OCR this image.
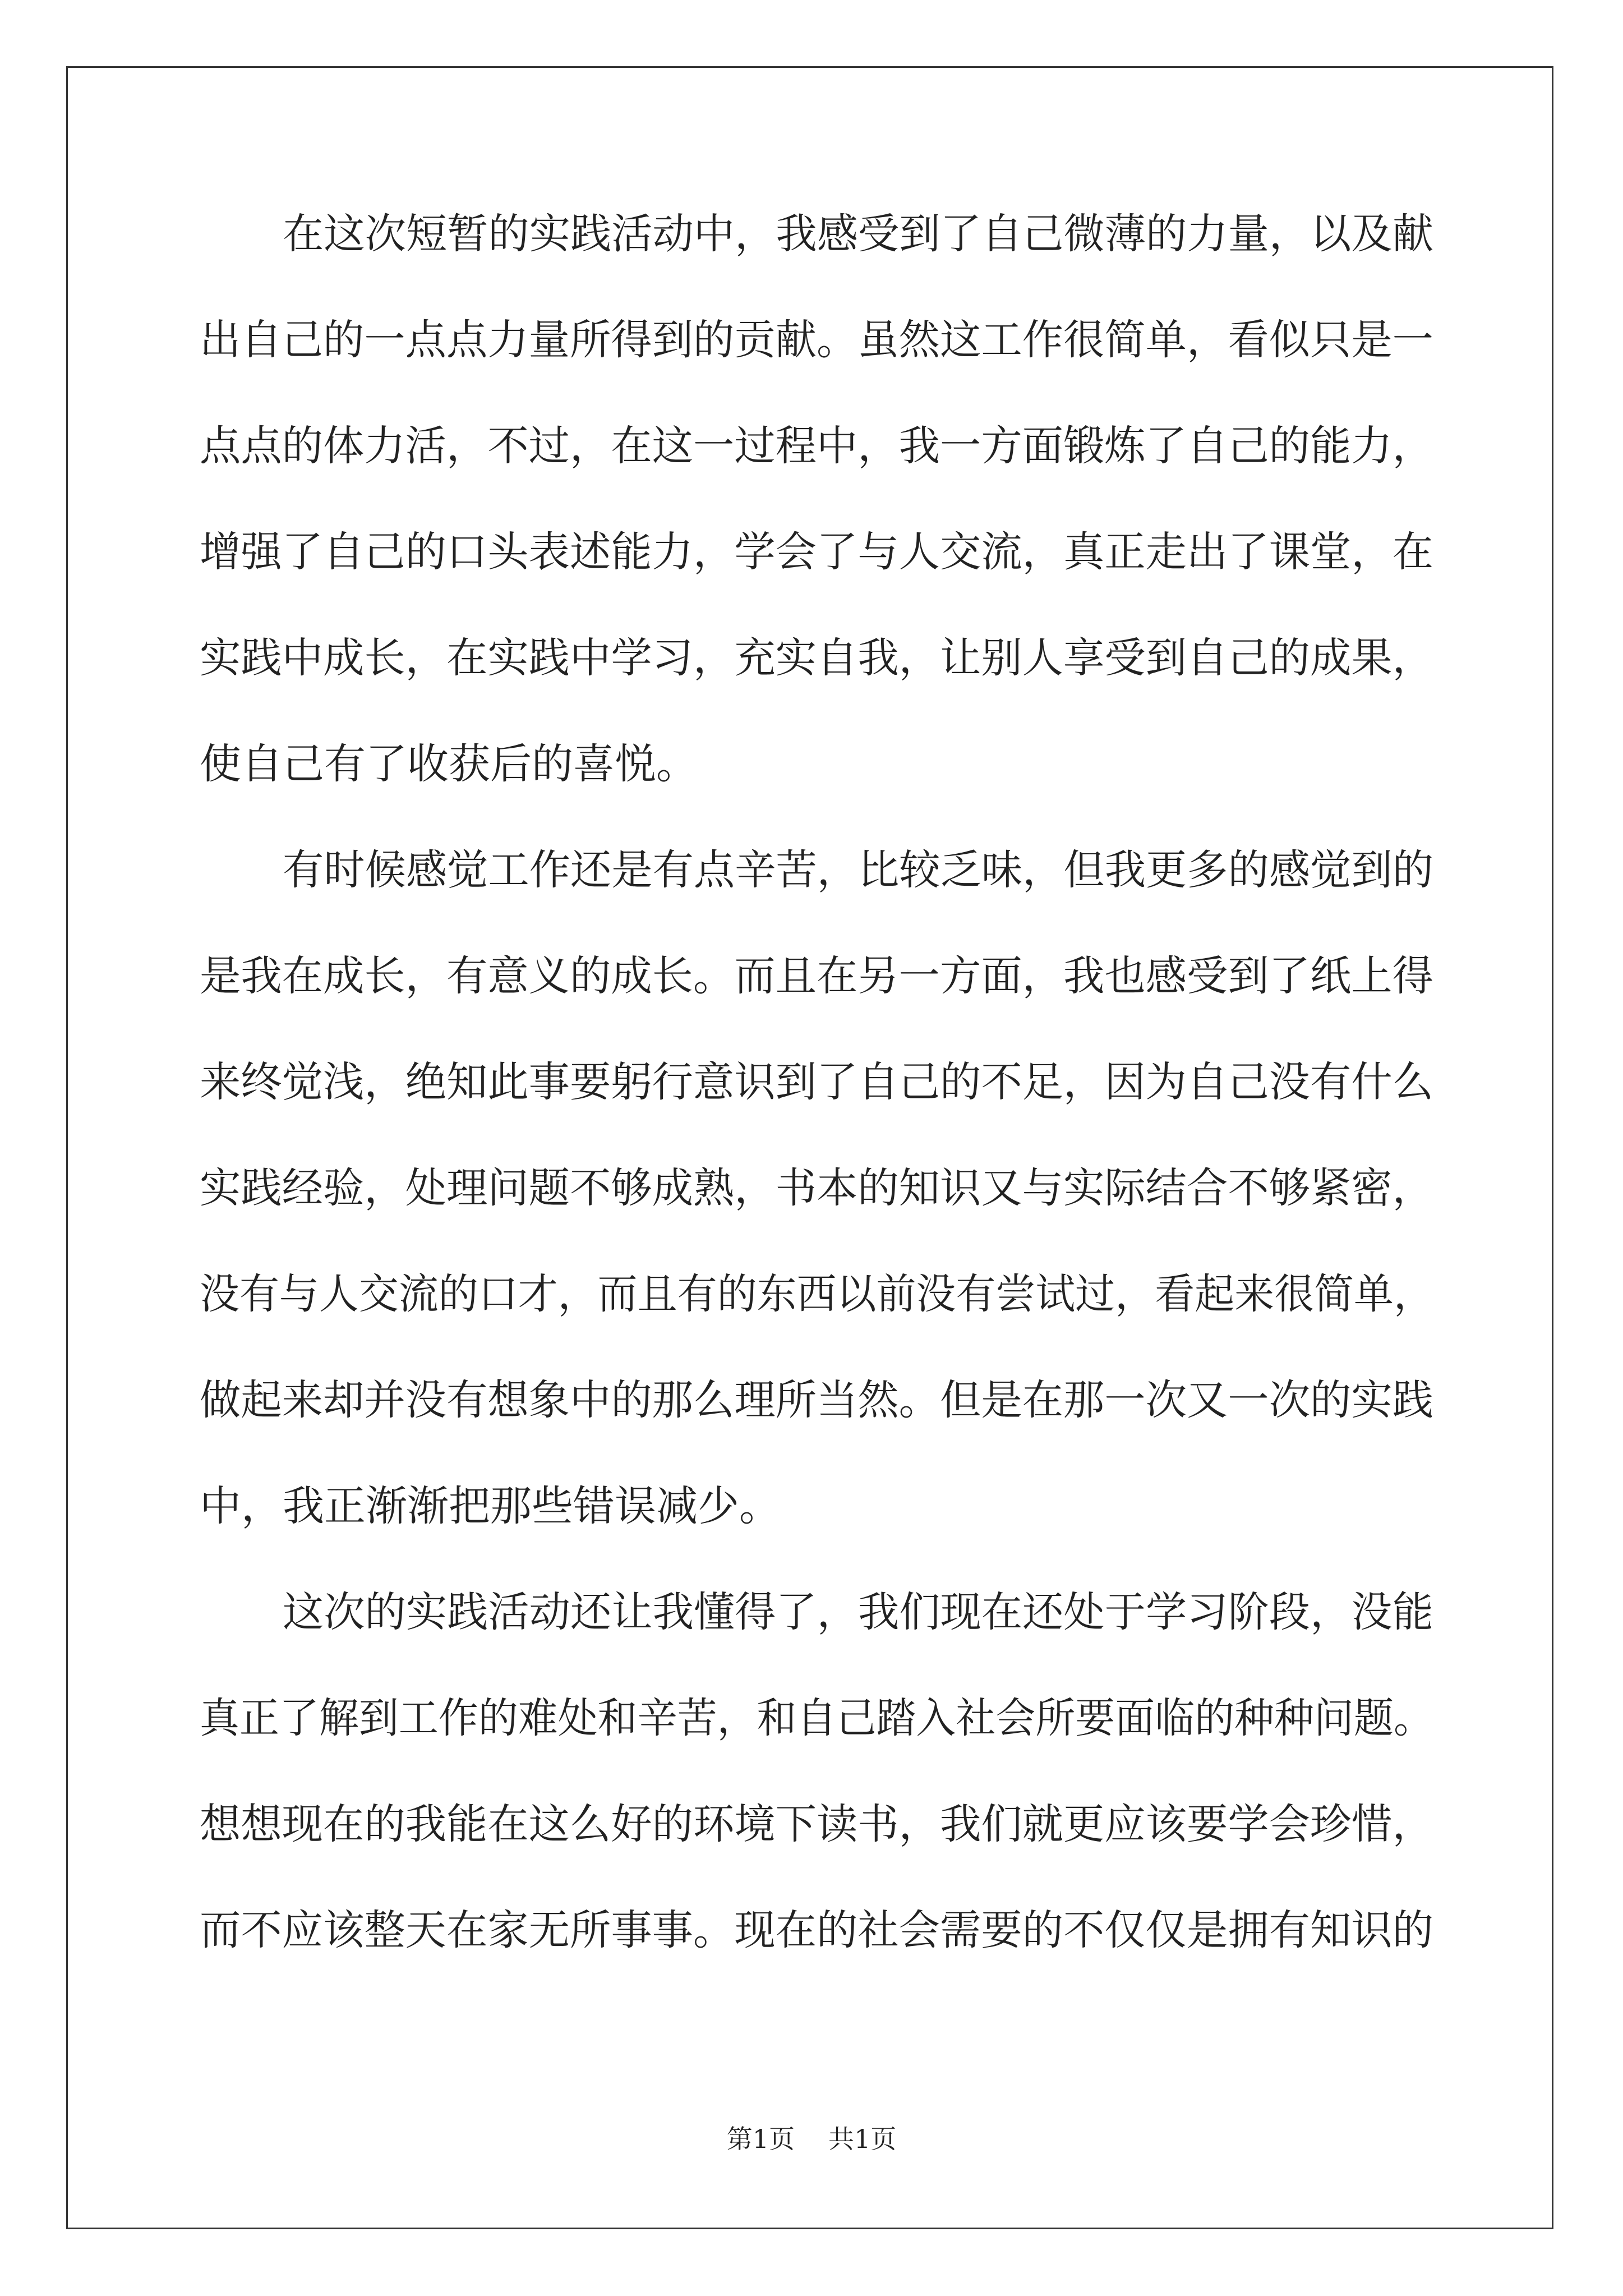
在这次短暂的实践活动中，我感受到了自己微薄的力量，以及献
出自己的一点点力量所得到的贡献。虽然这工作很简单，看似只是一
点点的体力活，不过，在这一过程中，我一方面锻炼了自己的能力，
增强了自己的口头表述能力，学会了与人交流，真正走出了课堂，在
实践中成长，在实践中学习，充实自我，让别人享受到自己的成果，
使自己有了收获后的喜悦。
有时候感觉工作还是有点辛苦，比较乏味，但我更多的感觉到的
是我在成长，有意义的成长。而且在另一方面，我也感受到了纸上得
来终觉浅，绝知此事要躬行意识到了自己的不足，因为自己没有什么
实践经验，处理问题不够成熟，书本的知识又与实际结合不够紧密，
没有与人交流的口才，而且有的东西以前没有尝试过，看起来很简单，
做起来却并没有想象中的那么理所当然。但是在那一次又一次的实践
中，我正渐渐把那些错误减少。
这次的实践活动还让我懂得了，我们现在还处于学习阶段，没能
真正了解到工作的难处和辛苦，和自己踏入社会所要面临的种种问题。
想想现在的我能在这么好的环境下读书，我们就更应该要学会珍惜，
而不应该整天在家无所事事。现在的社会需要的不仅仅是拥有知识的
第1页 共1页
